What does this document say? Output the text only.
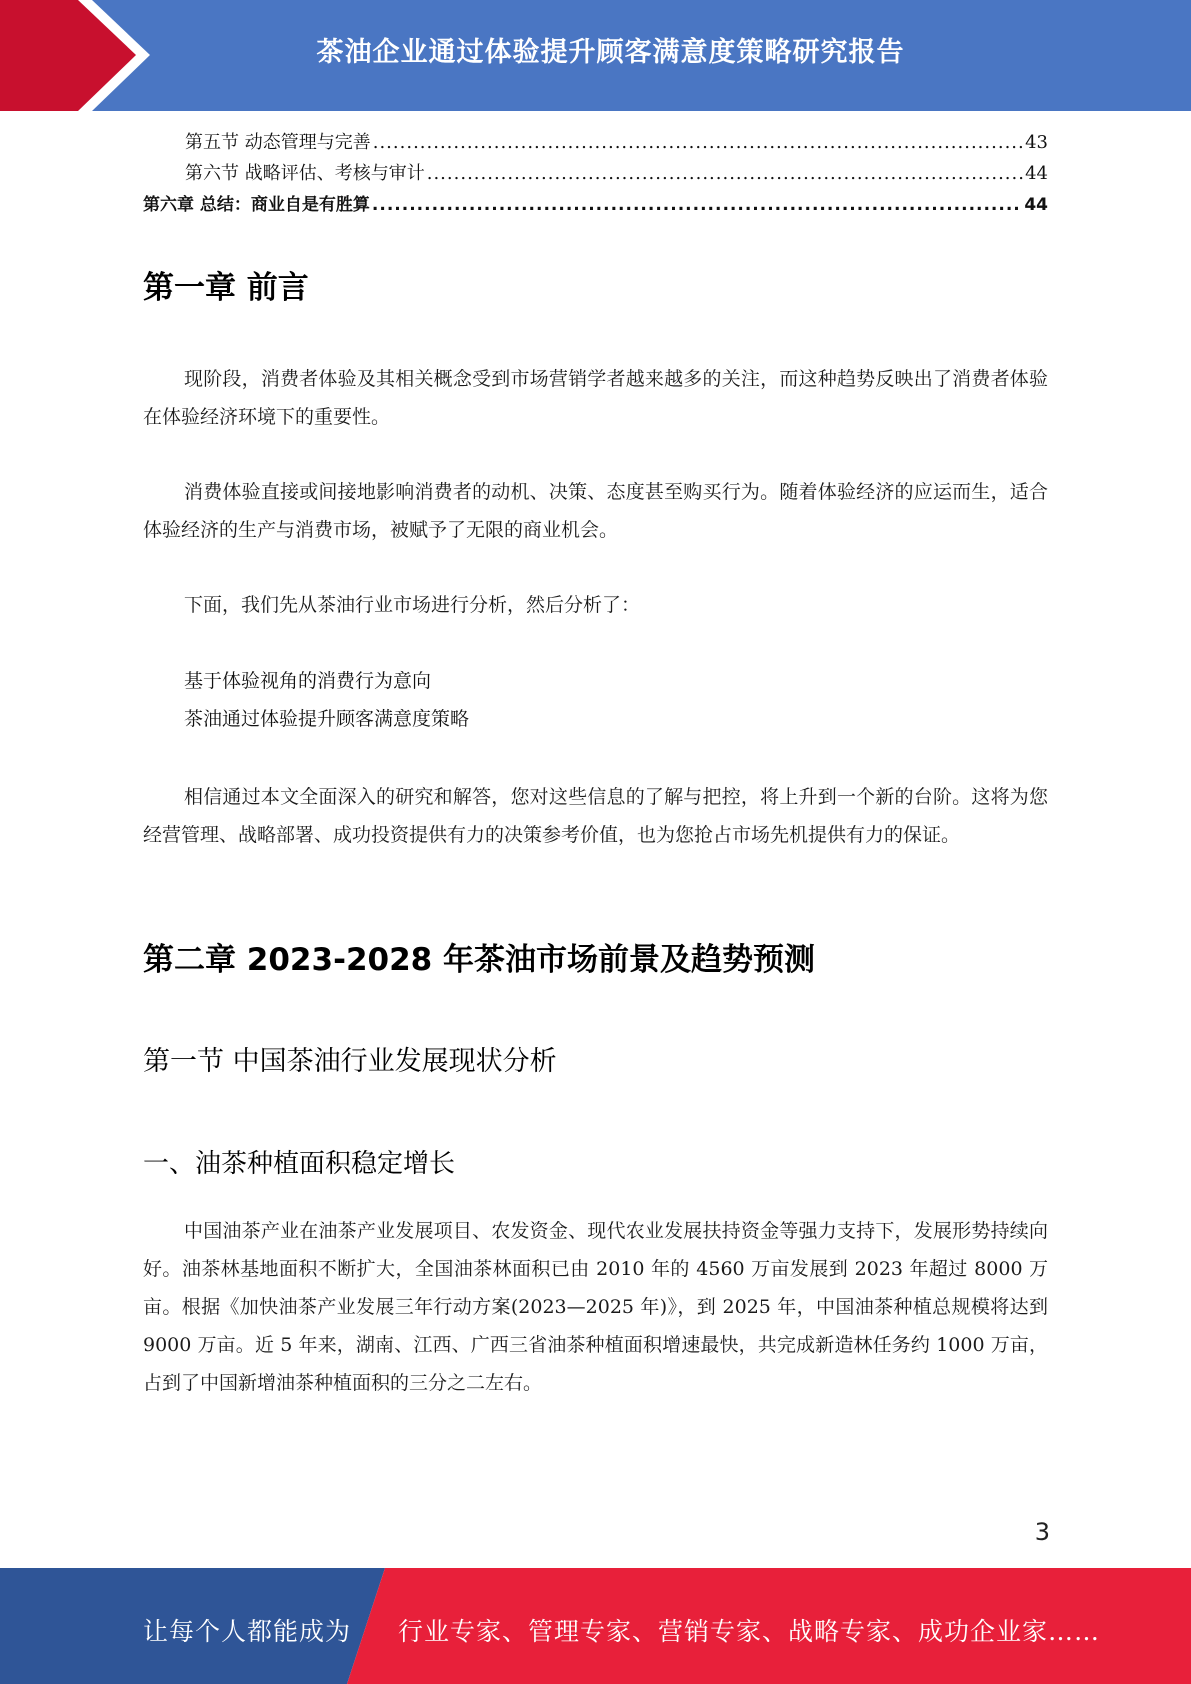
茶油企业通过体验提升顾客满意度策略研究报告
第五节 动态管理与完善 .....	43
第六节 战略评估、考核与审计 .....	44
第六章 总结：商业自是有胜算 .....	44
第一章 前言

现阶段，消费者体验及其相关概念受到市场营销学者越来越多的关注，而这种趋势反映出了消费者体验在体验经济环境下的重要性。

消费体验直接或间接地影响消费者的动机、决策、态度甚至购买行为。随着体验经济的应运而生，适合体验经济的生产与消费市场，被赋予了无限的商业机会。

下面，我们先从茶油行业市场进行分析，然后分析了：

基于体验视角的消费行为意向
茶油通过体验提升顾客满意度策略

相信通过本文全面深入的研究和解答，您对这些信息的了解与把控，将上升到一个新的台阶。这将为您经营管理、战略部署、成功投资提供有力的决策参考价值，也为您抢占市场先机提供有力的保证。

第二章 2023-2028 年茶油市场前景及趋势预测
第一节 中国茶油行业发展现状分析
一、油茶种植面积稳定增长

中国油茶产业在油茶产业发展项目、农发资金、现代农业发展扶持资金等强力支持下，发展形势持续向好。油茶林基地面积不断扩大，全国油茶林面积已由 2010 年的 4560 万亩发展到 2023 年超过 8000 万亩。根据《加快油茶产业发展三年行动方案(2023—2025 年)》，到 2025 年，中国油茶种植总规模将达到 9000 万亩。近 5 年来，湖南、江西、广西三省油茶种植面积增速最快，共完成新造林任务约 1000 万亩，占到了中国新增油茶种植面积的三分之二左右。

3
让每个人都能成为 行业专家、管理专家、营销专家、战略专家、成功企业家……
